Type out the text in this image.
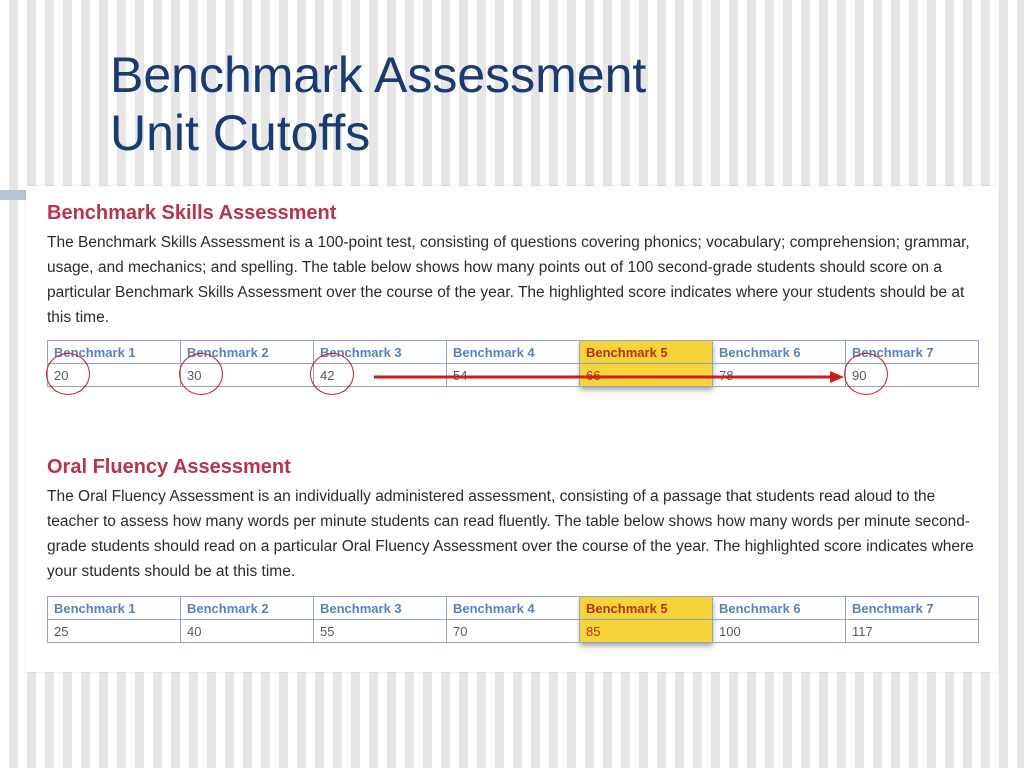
Benchmark Assessment
Unit Cutoffs
Benchmark Skills Assessment

The Benchmark Skills Assessment is a 100-point test, consisting of questions covering phonics; vocabulary; comprehension; grammar, usage, and mechanics; and spelling. The table below shows how many points out of 100 second-grade students should score on a particular Benchmark Skills Assessment over the course of the year. The highlighted score indicates where your students should be at this time.

Benchmark 1	Benchmark 2	Benchmark 3	Benchmark 4	Benchmark 5	Benchmark 6	Benchmark 7
20	30	42	54	66	78	90
Oral Fluency Assessment

The Oral Fluency Assessment is an individually administered assessment, consisting of a passage that students read aloud to the teacher to assess how many words per minute students can read fluently. The table below shows how many words per minute second-grade students should read on a particular Oral Fluency Assessment over the course of the year. The highlighted score indicates where your students should be at this time.

Benchmark 1	Benchmark 2	Benchmark 3	Benchmark 4	Benchmark 5	Benchmark 6	Benchmark 7
25	40	55	70	85	100	117
